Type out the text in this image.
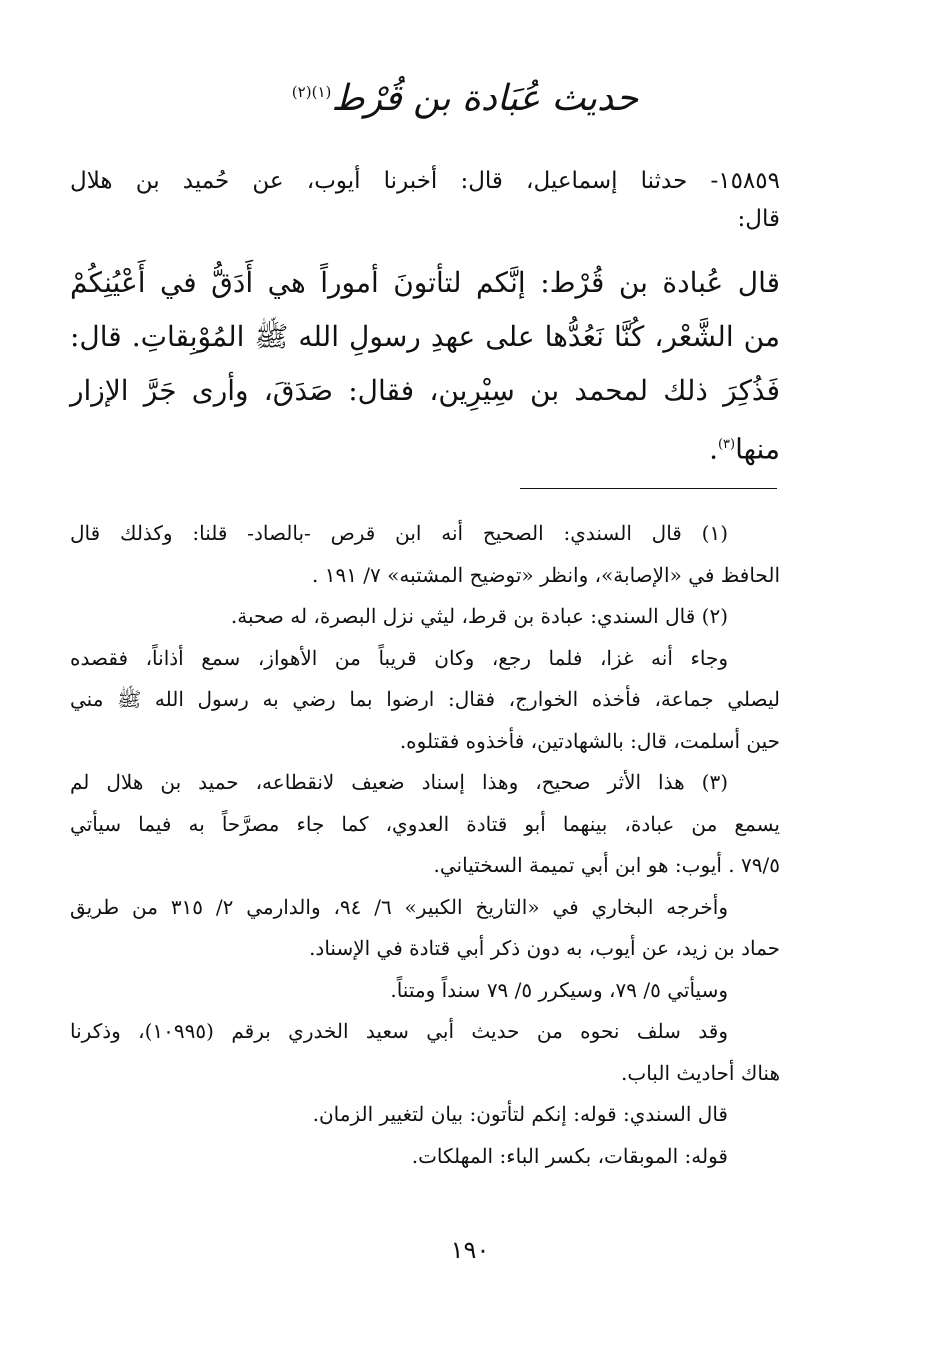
حديث عُبَادة بن قُرْط$^{(١)(٢)}$
١٥٨٥٩- حدثنا إسماعيل، قال: أخبرنا أيوب، عن حُميد بن هلال
قال:
قال عُبادة بن قُرْط: إنَّكم لتأتونَ أموراً هي أَدَقُّ في أَعْيُنِكُمْ
من الشَّعْر، كُنَّا نَعُدُّها على عهدِ رسولِ الله ﷺ المُوْبِقاتِ. قال:
فَذُكِرَ ذلك لمحمد بن سِيْرِين، فقال: صَدَقَ، وأرى جَرَّ الإزار
منها$^{(٣)}$.
(١) قال السندي: الصحيح أنه ابن قرص -بالصاد- قلنا: وكذلك قال
الحافظ في «الإصابة»، وانظر «توضيح المشتبه» ٧/ ١٩١ .
(٢) قال السندي: عبادة بن قرط، ليثي نزل البصرة، له صحبة.
وجاء أنه غزا، فلما رجع، وكان قريباً من الأهواز، سمع أذاناً، فقصده
ليصلي جماعة، فأخذه الخوارج، فقال: ارضوا بما رضي به رسول الله ﷺ مني
حين أسلمت، قال: بالشهادتين، فأخذوه فقتلوه.
(٣) هذا الأثر صحيح، وهذا إسناد ضعيف لانقطاعه، حميد بن هلال لم
يسمع من عبادة، بينهما أبو قتادة العدوي، كما جاء مصرَّحاً به فيما سيأتي
٧٩/٥ . أيوب: هو ابن أبي تميمة السختياني.
وأخرجه البخاري في «التاريخ الكبير» ٦/ ٩٤، والدارمي ٢/ ٣١٥ من طريق
حماد بن زيد، عن أيوب، به دون ذكر أبي قتادة في الإسناد.
وسيأتي ٥/ ٧٩، وسيكرر ٥/ ٧٩ سنداً ومتناً.
وقد سلف نحوه من حديث أبي سعيد الخدري برقم (١٠٩٩٥)، وذكرنا
هناك أحاديث الباب.
قال السندي: قوله: إنكم لتأتون: بيان لتغيير الزمان.
قوله: الموبقات، بكسر الباء: المهلكات.
١٩٠
